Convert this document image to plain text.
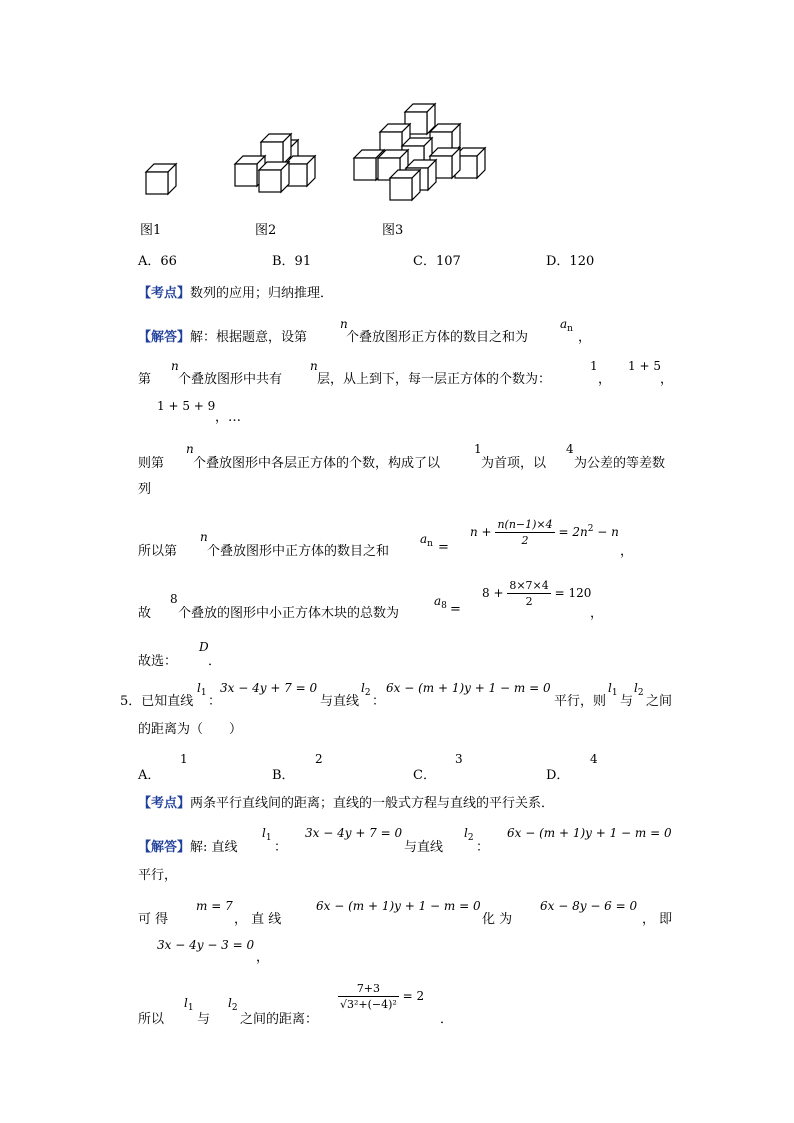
图1	图2	图3
A．66	B．91	C．107	D．120
【考点】数列的应用；归纳推理．
【解答】解：根据题意，设第
n
个叠放图形正方体的数目之和为
$a_n$
，
第
n
个叠放图形中共有
n
层，从上到下，每一层正方体的个数为：
1
，
1 + 5
，
1 + 5 + 9
，…
则第
n
个叠放图形中各层正方体的个数，构成了以
1
为首项，以
4
为公差的等差数
列
所以第
n
个叠放图形中正方体的数目之和
$a_n$ =
$n + \frac{n(n-1)\times 4}{2} = 2n^2 - n$
，
故
8
个叠放的图形中小正方体木块的总数为
$a_8$ =
$8 + \frac{8\times 7\times 4}{2} = 120$
，
故选：
D
．
5．已知直线
$l_1$
：
3x − 4y + 7 = 0
与直线
$l_2$
：
6x − (m + 1)y + 1 − m = 0
平行，则
$l_1$
与
$l_2$
之间
的距离为（　　）
A．
1
B．
2
C．
3
D．
4
【考点】两条平行直线间的距离；直线的一般式方程与直线的平行关系．
【解答】解: 直线
$l_1$
：
3x − 4y + 7 = 0
与直线
$l_2$
：
6x − (m + 1)y + 1 − m = 0
平行，
可 得
m = 7
， 直 线
6x − (m + 1)y + 1 − m = 0
化 为
6x − 8y − 6 = 0
， 即
3x − 4y − 3 = 0
，
所以
$l_1$
与
$l_2$
之间的距离：
$\frac{7+3}{\text{√3²+(−4)²}} = 2$
．
